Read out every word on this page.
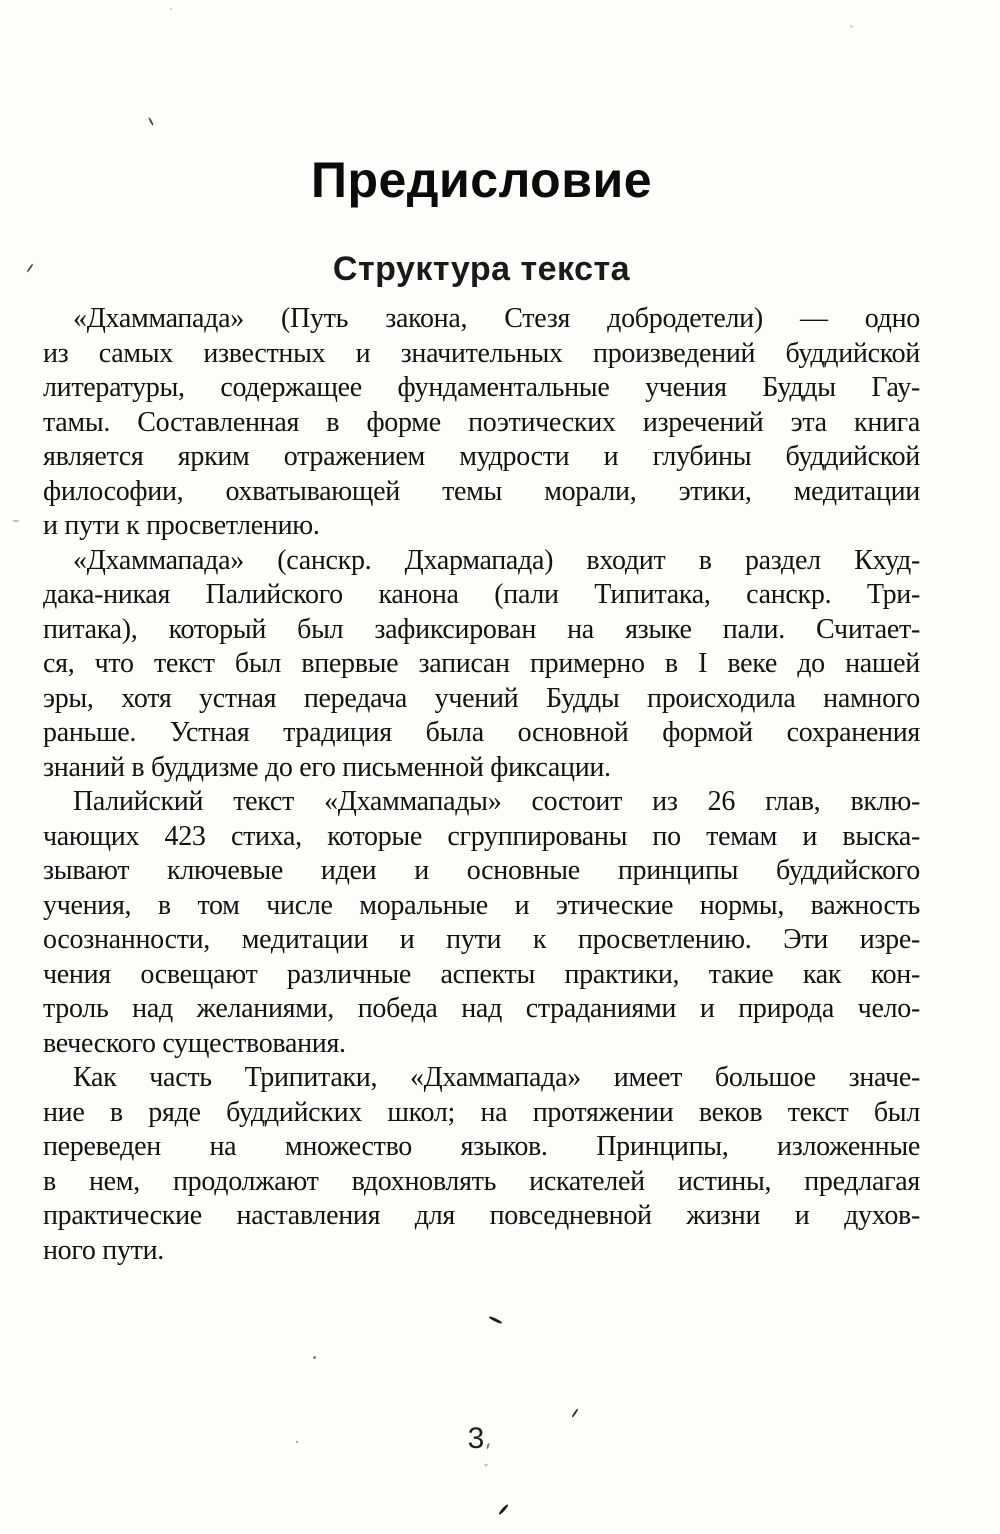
Предисловие
Структура текста
«Дхаммапада» (Путь закона, Стезя добродетели) — одно
из самых известных и значительных произведений буддийской
литературы, содержащее фундаментальные учения Будды Гау-
тамы. Составленная в форме поэтических изречений эта книга
является ярким отражением мудрости и глубины буддийской
философии, охватывающей темы морали, этики, медитации
и пути к просветлению.
«Дхаммапада» (санскр. Дхармапада) входит в раздел Кхуд-
дака-никая Палийского канона (пали Типитака, санскр. Три-
питака), который был зафиксирован на языке пали. Считает-
ся, что текст был впервые записан примерно в I веке до нашей
эры, хотя устная передача учений Будды происходила намного
раньше. Устная традиция была основной формой сохранения
знаний в буддизме до его письменной фиксации.
Палийский текст «Дхаммапады» состоит из 26 глав, вклю-
чающих 423 стиха, которые сгруппированы по темам и выска-
зывают ключевые идеи и основные принципы буддийского
учения, в том числе моральные и этические нормы, важность
осознанности, медитации и пути к просветлению. Эти изре-
чения освещают различные аспекты практики, такие как кон-
троль над желаниями, победа над страданиями и природа чело-
веческого существования.
Как часть Трипитаки, «Дхаммапада» имеет большое значе-
ние в ряде буддийских школ; на протяжении веков текст был
переведен на множество языков. Принципы, изложенные
в нем, продолжают вдохновлять искателей истины, предлагая
практические наставления для повседневной жизни и духов-
ного пути.
3
